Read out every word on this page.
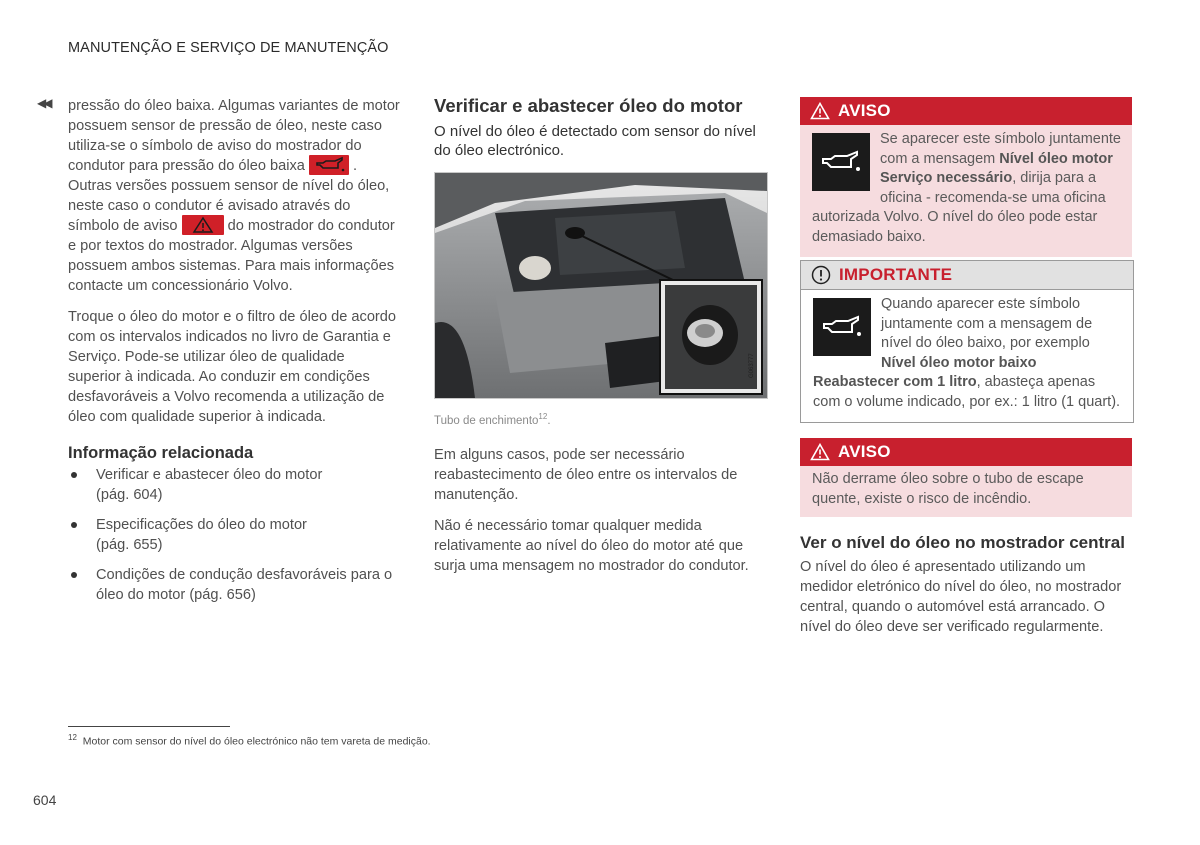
MANUTENÇÃO E SERVIÇO DE MANUTENÇÃO
◀◀ pressão do óleo baixa. Algumas variantes de motor possuem sensor de pressão de óleo, neste caso utiliza-se o símbolo de aviso do mostrador do condutor para pressão do óleo baixa	. Outras versões possuem sensor de nível do óleo, neste caso o condutor é avisado através do símbolo de aviso	do mostrador do condutor e por textos do mostrador. Algumas versões possuem ambos sistemas. Para mais informações contacte um concessionário Volvo.

Troque o óleo do motor e o filtro de óleo de acordo com os intervalos indicados no livro de Garantia e Serviço. Pode-se utilizar óleo de qualidade superior à indicada. Ao conduzir em condições desfavoráveis a Volvo recomenda a utilização de óleo com qualidade superior à indicada.

Informação relacionada
Verificar e abastecer óleo do motor
(pág. 604)
Especificações do óleo do motor
(pág. 655)
Condições de condução desfavoráveis para o óleo do motor (pág. 656)
Verificar e abastecer óleo do motor
O nível do óleo é detectado com sensor do nível do óleo electrónico.
G063777
Tubo de enchimento$^{12}$.

Em alguns casos, pode ser necessário reabastecimento de óleo entre os intervalos de manutenção.

Não é necessário tomar qualquer medida relativamente ao nível do óleo do motor até que surja uma mensagem no mostrador do condutor.

AVISO
Se aparecer este símbolo juntamente com a mensagem Nível óleo motor Serviço necessário, dirija para a oficina - recomenda-se uma oficina autorizada Volvo. O nível do óleo pode estar demasiado baixo.
IMPORTANTE
Quando aparecer este símbolo juntamente com a mensagem de nível do óleo baixo, por exemplo Nível óleo motor baixo Reabastecer com 1 litro, abasteça apenas com o volume indicado, por ex.: 1 litro (1 quart).
AVISO
Não derrame óleo sobre o tubo de escape quente, existe o risco de incêndio.
Ver o nível do óleo no mostrador central

O nível do óleo é apresentado utilizando um medidor eletrónico do nível do óleo, no mostrador central, quando o automóvel está arrancado. O nível do óleo deve ser verificado regularmente.

$^{12}$ Motor com sensor do nível do óleo electrónico não tem vareta de medição.
604
